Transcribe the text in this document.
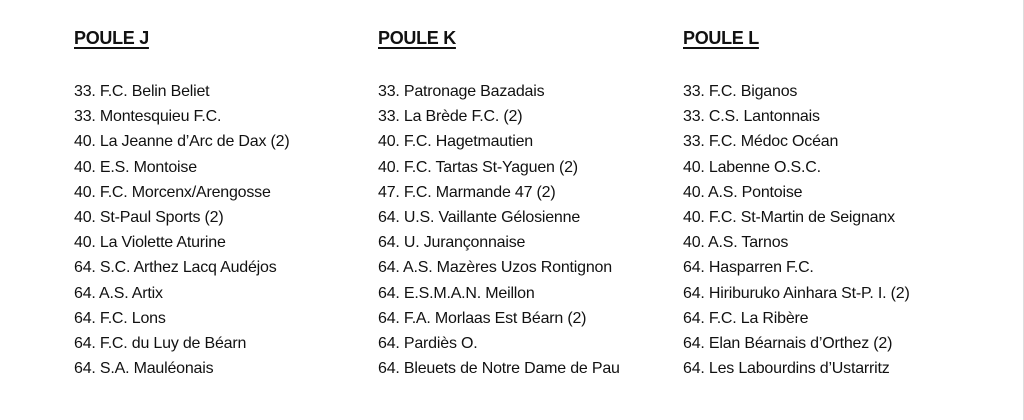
POULE J
33. F.C. Belin Beliet
33. Montesquieu F.C.
40. La Jeanne d’Arc de Dax (2)
40. E.S. Montoise
40. F.C. Morcenx/Arengosse
40. St-Paul Sports (2)
40. La Violette Aturine
64. S.C. Arthez Lacq Audéjos
64. A.S. Artix
64. F.C. Lons
64. F.C. du Luy de Béarn
64. S.A. Mauléonais
POULE K
33. Patronage Bazadais
33. La Brède F.C. (2)
40. F.C. Hagetmautien
40. F.C. Tartas St-Yaguen (2)
47. F.C. Marmande 47 (2)
64. U.S. Vaillante Gélosienne
64. U. Jurançonnaise
64. A.S. Mazères Uzos Rontignon
64. E.S.M.A.N. Meillon
64. F.A. Morlaas Est Béarn (2)
64. Pardiès O.
64. Bleuets de Notre Dame de Pau
POULE L
33. F.C. Biganos
33. C.S. Lantonnais
33. F.C. Médoc Océan
40. Labenne O.S.C.
40. A.S. Pontoise
40. F.C. St-Martin de Seignanx
40. A.S. Tarnos
64. Hasparren F.C.
64. Hiriburuko Ainhara St-P. I. (2)
64. F.C. La Ribère
64. Elan Béarnais d’Orthez (2)
64. Les Labourdins d’Ustarritz
